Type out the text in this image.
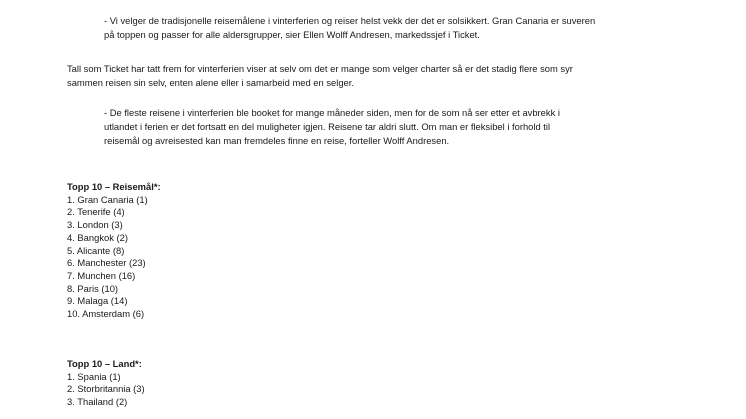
- Vi velger de tradisjonelle reisemålene i vinterferien og reiser helst vekk der det er solsikkert. Gran Canaria er suveren
på toppen og passer for alle aldersgrupper, sier Ellen Wolff Andresen, markedssjef i Ticket.

Tall som Ticket har tatt frem for vinterferien viser at selv om det er mange som velger charter så er det stadig flere som syr
sammen reisen sin selv, enten alene eller i samarbeid med en selger.

- De fleste reisene i vinterferien ble booket for mange måneder siden, men for de som nå ser etter et avbrekk i
utlandet i ferien er det fortsatt en del muligheter igjen. Reisene tar aldri slutt. Om man er fleksibel i forhold til
reisemål og avreisested kan man fremdeles finne en reise, forteller Wolff Andresen.

Topp 10 – Reisemål*:
1. Gran Canaria (1)
2. Tenerife (4)
3. London (3)
4. Bangkok (2)
5. Alicante (8)
6. Manchester (23)
7. Munchen (16)
8. Paris (10)
9. Malaga (14)
10. Amsterdam (6)
Topp 10 – Land*:
1. Spania (1)
2. Storbritannia (3)
3. Thailand (2)
